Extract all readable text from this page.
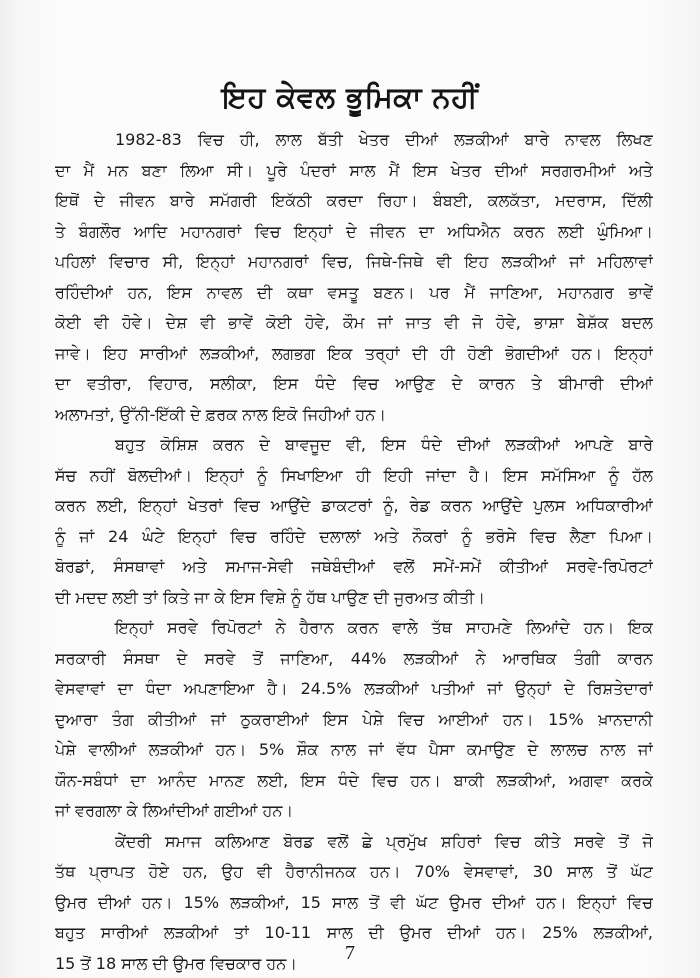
ਇਹ ਕੇਵਲ ਭੂਮਿਕਾ ਨਹੀਂ
1982-83 ਵਿਚ ਹੀ, ਲਾਲ ਬੱਤੀ ਖੇਤਰ ਦੀਆਂ ਲੜਕੀਆਂ ਬਾਰੇ ਨਾਵਲ ਲਿਖਣ
ਦਾ ਮੈਂ ਮਨ ਬਣਾ ਲਿਆ ਸੀ। ਪੂਰੇ ਪੰਦਰਾਂ ਸਾਲ ਮੈਂ ਇਸ ਖੇਤਰ ਦੀਆਂ ਸਰਗਰਮੀਆਂ ਅਤੇ
ਇਥੋਂ ਦੇ ਜੀਵਨ ਬਾਰੇ ਸਮੱਗਰੀ ਇਕੱਠੀ ਕਰਦਾ ਰਿਹਾ। ਬੰਬਈ, ਕਲਕੱਤਾ, ਮਦਰਾਸ, ਦਿੱਲੀ
ਤੇ ਬੰਗਲੌਰ ਆਦਿ ਮਹਾਨਗਰਾਂ ਵਿਚ ਇਨ੍ਹਾਂ ਦੇ ਜੀਵਨ ਦਾ ਅਧਿਐਨ ਕਰਨ ਲਈ ਘੁੰਮਿਆ।
ਪਹਿਲਾਂ ਵਿਚਾਰ ਸੀ, ਇਨ੍ਹਾਂ ਮਹਾਨਗਰਾਂ ਵਿਚ, ਜਿਥੇ-ਜਿਥੇ ਵੀ ਇਹ ਲੜਕੀਆਂ ਜਾਂ ਮਹਿਲਾਵਾਂ
ਰਹਿੰਦੀਆਂ ਹਨ, ਇਸ ਨਾਵਲ ਦੀ ਕਥਾ ਵਸਤੂ ਬਣਨ। ਪਰ ਮੈਂ ਜਾਣਿਆ, ਮਹਾਨਗਰ ਭਾਵੇਂ
ਕੋਈ ਵੀ ਹੋਵੇ। ਦੇਸ਼ ਵੀ ਭਾਵੇਂ ਕੋਈ ਹੋਵੇ, ਕੌਮ ਜਾਂ ਜਾਤ ਵੀ ਜੋ ਹੋਵੇ, ਭਾਸ਼ਾ ਬੇਸ਼ੱਕ ਬਦਲ
ਜਾਵੇ। ਇਹ ਸਾਰੀਆਂ ਲੜਕੀਆਂ, ਲਗਭਗ ਇਕ ਤਰ੍ਹਾਂ ਦੀ ਹੀ ਹੋਣੀ ਭੋਗਦੀਆਂ ਹਨ। ਇਨ੍ਹਾਂ
ਦਾ ਵਤੀਰਾ, ਵਿਹਾਰ, ਸਲੀਕਾ, ਇਸ ਧੰਦੇ ਵਿਚ ਆਉਣ ਦੇ ਕਾਰਨ ਤੇ ਬੀਮਾਰੀ ਦੀਆਂ
ਅਲਾਮਤਾਂ, ਉੱਨੀ-ਇੱਕੀ ਦੇ ਫ਼ਰਕ ਨਾਲ ਇਕੋ ਜਿਹੀਆਂ ਹਨ।
ਬਹੁਤ ਕੋਸ਼ਿਸ਼ ਕਰਨ ਦੇ ਬਾਵਜੂਦ ਵੀ, ਇਸ ਧੰਦੇ ਦੀਆਂ ਲੜਕੀਆਂ ਆਪਣੇ ਬਾਰੇ
ਸੱਚ ਨਹੀਂ ਬੋਲਦੀਆਂ। ਇਨ੍ਹਾਂ ਨੂੰ ਸਿਖਾਇਆ ਹੀ ਇਹੀ ਜਾਂਦਾ ਹੈ। ਇਸ ਸਮੱਸਿਆ ਨੂੰ ਹੱਲ
ਕਰਨ ਲਈ, ਇਨ੍ਹਾਂ ਖੇਤਰਾਂ ਵਿਚ ਆਉਂਦੇ ਡਾਕਟਰਾਂ ਨੂੰ, ਰੇਡ ਕਰਨ ਆਉਂਦੇ ਪੁਲਸ ਅਧਿਕਾਰੀਆਂ
ਨੂੰ ਜਾਂ 24 ਘੰਟੇ ਇਨ੍ਹਾਂ ਵਿਚ ਰਹਿੰਦੇ ਦਲਾਲਾਂ ਅਤੇ ਨੌਕਰਾਂ ਨੂੰ ਭਰੋਸੇ ਵਿਚ ਲੈਣਾ ਪਿਆ।
ਬੋਰਡਾਂ, ਸੰਸਥਾਵਾਂ ਅਤੇ ਸਮਾਜ-ਸੇਵੀ ਜਥੇਬੰਦੀਆਂ ਵਲੋਂ ਸਮੇਂ-ਸਮੇਂ ਕੀਤੀਆਂ ਸਰਵੇ-ਰਿਪੋਰਟਾਂ
ਦੀ ਮਦਦ ਲਈ ਤਾਂ ਕਿਤੇ ਜਾ ਕੇ ਇਸ ਵਿਸ਼ੇ ਨੂੰ ਹੱਥ ਪਾਉਣ ਦੀ ਜੁਰਅਤ ਕੀਤੀ।
ਇਨ੍ਹਾਂ ਸਰਵੇ ਰਿਪੋਰਟਾਂ ਨੇ ਹੈਰਾਨ ਕਰਨ ਵਾਲੇ ਤੱਥ ਸਾਹਮਣੇ ਲਿਆਂਦੇ ਹਨ। ਇਕ
ਸਰਕਾਰੀ ਸੰਸਥਾ ਦੇ ਸਰਵੇ ਤੋਂ ਜਾਣਿਆ, 44% ਲੜਕੀਆਂ ਨੇ ਆਰਥਿਕ ਤੰਗੀ ਕਾਰਨ
ਵੇਸਵਾਵਾਂ ਦਾ ਧੰਦਾ ਅਪਣਾਇਆ ਹੈ। 24.5% ਲੜਕੀਆਂ ਪਤੀਆਂ ਜਾਂ ਉਨ੍ਹਾਂ ਦੇ ਰਿਸ਼ਤੇਦਾਰਾਂ
ਦੁਆਰਾ ਤੰਗ ਕੀਤੀਆਂ ਜਾਂ ਠੁਕਰਾਈਆਂ ਇਸ ਪੇਸ਼ੇ ਵਿਚ ਆਈਆਂ ਹਨ। 15% ਖ਼ਾਨਦਾਨੀ
ਪੇਸ਼ੇ ਵਾਲੀਆਂ ਲੜਕੀਆਂ ਹਨ। 5% ਸ਼ੌਕ ਨਾਲ ਜਾਂ ਵੱਧ ਪੈਸਾ ਕਮਾਉਣ ਦੇ ਲਾਲਚ ਨਾਲ ਜਾਂ
ਯੌਨ-ਸਬੰਧਾਂ ਦਾ ਆਨੰਦ ਮਾਨਣ ਲਈ, ਇਸ ਧੰਦੇ ਵਿਚ ਹਨ। ਬਾਕੀ ਲੜਕੀਆਂ, ਅਗਵਾ ਕਰਕੇ
ਜਾਂ ਵਰਗਲਾ ਕੇ ਲਿਆਂਦੀਆਂ ਗਈਆਂ ਹਨ।
ਕੇਂਦਰੀ ਸਮਾਜ ਕਲਿਆਣ ਬੋਰਡ ਵਲੋਂ ਛੇ ਪ੍ਰਮੁੱਖ ਸ਼ਹਿਰਾਂ ਵਿਚ ਕੀਤੇ ਸਰਵੇ ਤੋਂ ਜੋ
ਤੱਥ ਪ੍ਰਾਪਤ ਹੋਏ ਹਨ, ਉਹ ਵੀ ਹੈਰਾਨੀਜਨਕ ਹਨ। 70% ਵੇਸਵਾਵਾਂ, 30 ਸਾਲ ਤੋਂ ਘੱਟ
ਉਮਰ ਦੀਆਂ ਹਨ। 15% ਲੜਕੀਆਂ, 15 ਸਾਲ ਤੋਂ ਵੀ ਘੱਟ ਉਮਰ ਦੀਆਂ ਹਨ। ਇਨ੍ਹਾਂ ਵਿਚ
ਬਹੁਤ ਸਾਰੀਆਂ ਲੜਕੀਆਂ ਤਾਂ 10-11 ਸਾਲ ਦੀ ਉਮਰ ਦੀਆਂ ਹਨ। 25% ਲੜਕੀਆਂ,
15 ਤੋਂ 18 ਸਾਲ ਦੀ ਉਮਰ ਵਿਚਕਾਰ ਹਨ।	7
